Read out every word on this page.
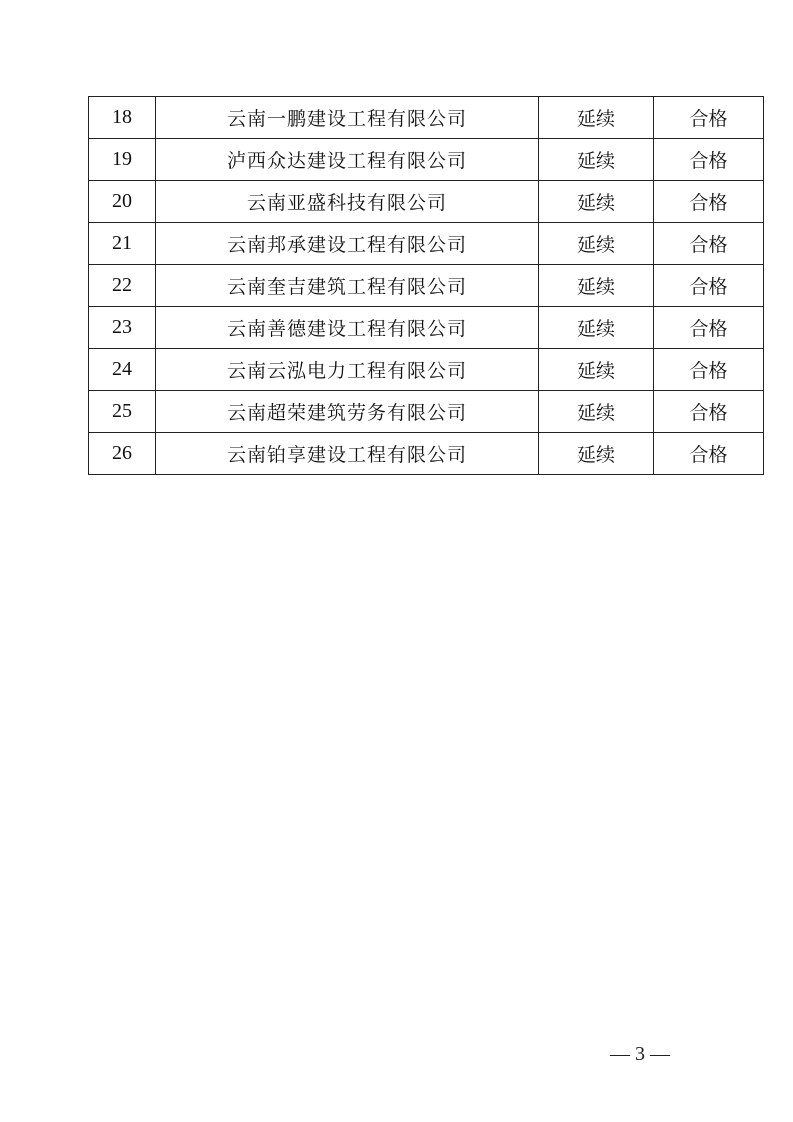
18	云南一鹏建设工程有限公司	延续	合格
19	泸西众达建设工程有限公司	延续	合格
20	云南亚盛科技有限公司	延续	合格
21	云南邦承建设工程有限公司	延续	合格
22	云南奎吉建筑工程有限公司	延续	合格
23	云南善德建设工程有限公司	延续	合格
24	云南云泓电力工程有限公司	延续	合格
25	云南超荣建筑劳务有限公司	延续	合格
26	云南铂享建设工程有限公司	延续	合格
— 3 —
